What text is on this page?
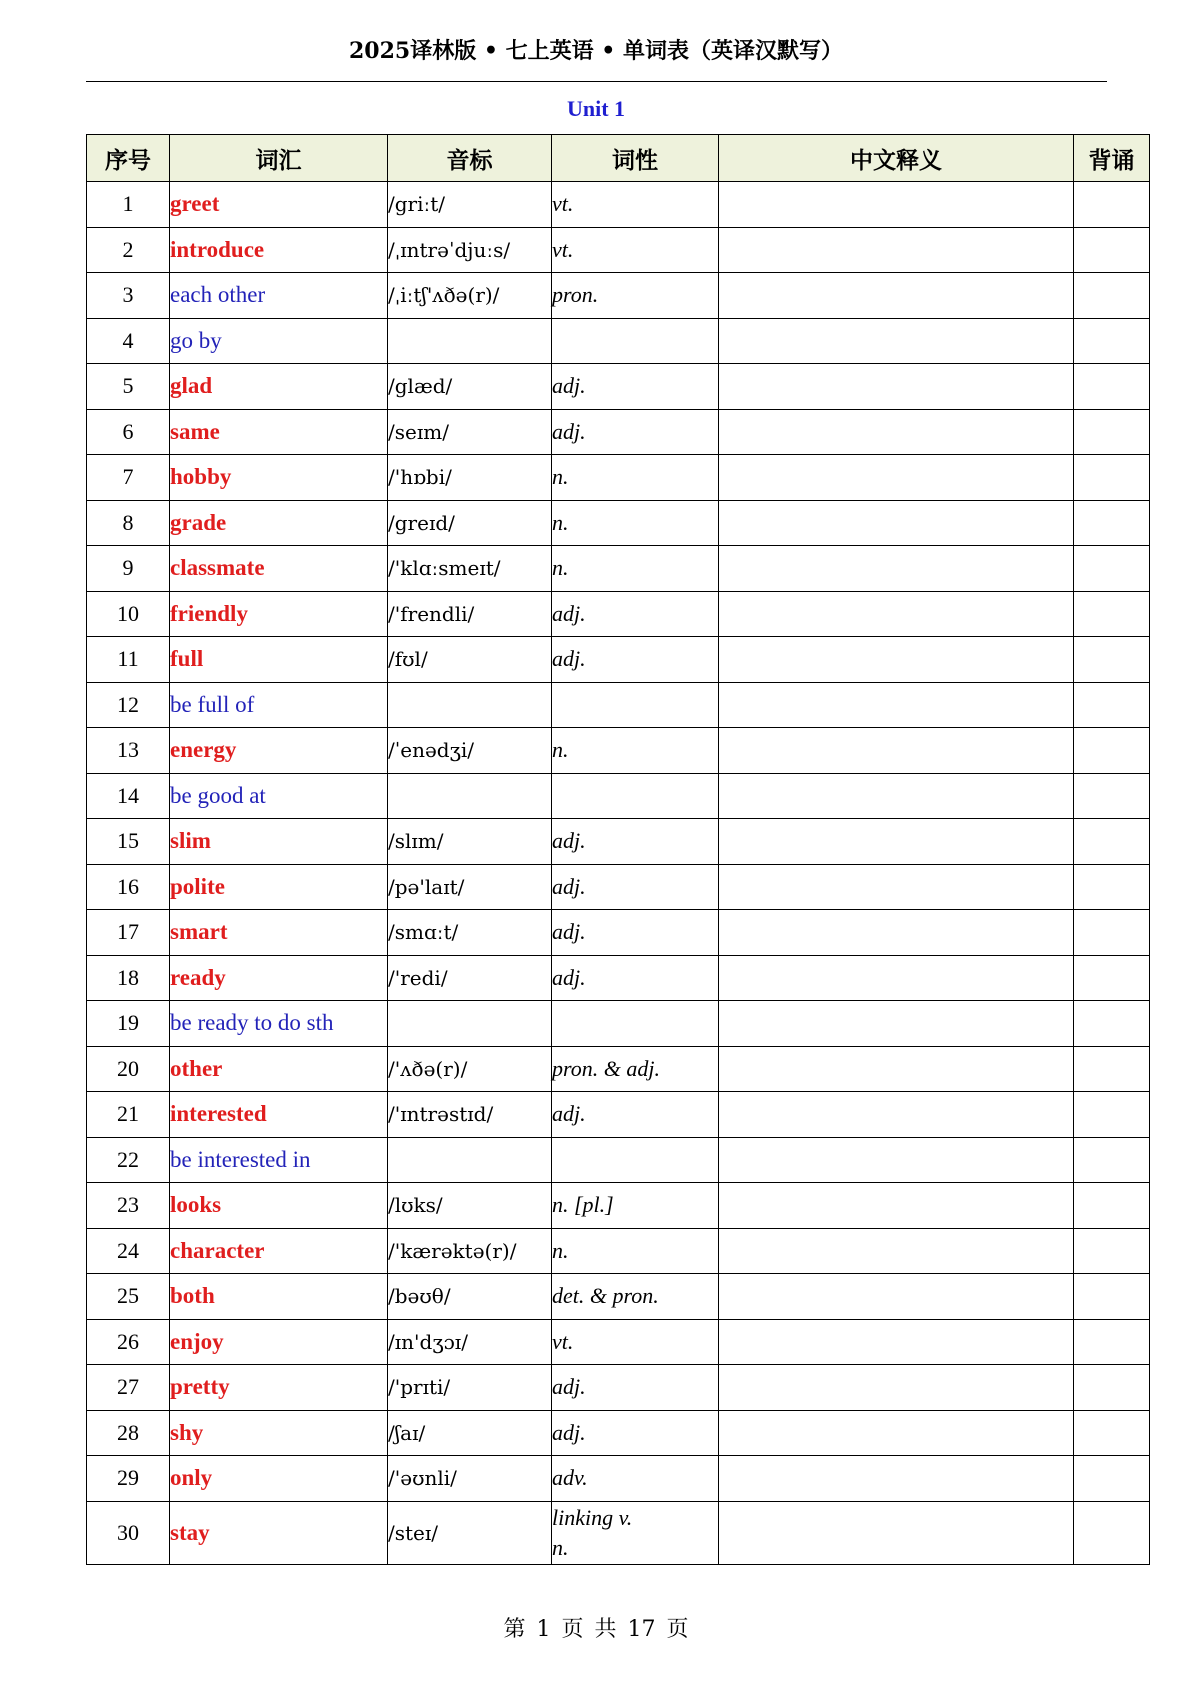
2025译林版 • 七上英语 • 单词表（英译汉默写）
Unit 1
序号	词汇	音标	词性	中文释义	背诵
1	greet	/griːt/	vt.		

2	introduce	/ˌɪntrəˈdjuːs/	vt.		

3	each other	/ˌiːtʃ'ʌðə(r)/	pron.		

4	go by		

5	glad	/glæd/	adj.		

6	same	/seɪm/	adj.		

7	hobby	/'hɒbi/	n.		

8	grade	/greɪd/	n.		

9	classmate	/'klɑːsmeɪt/	n.		

10	friendly	/'frendli/	adj.		

11	full	/fʊl/	adj.		

12	be full of		

13	energy	/ˈenədʒi/	n.		

14	be good at		

15	slim	/slɪm/	adj.		

16	polite	/pə'laɪt/	adj.		

17	smart	/smɑːt/	adj.		

18	ready	/'redi/	adj.		

19	be ready to do sth		

20	other	/'ʌðə(r)/	pron. & adj.		

21	interested	/'ɪntrəstɪd/	adj.		

22	be interested in		

23	looks	/lʊks/	n. [pl.]		

24	character	/'kærəktə(r)/	n.		

25	both	/bəʊθ/	det. & pron.		

26	enjoy	/ɪn'dʒɔɪ/	vt.		

27	pretty	/'prɪti/	adj.		

28	shy	/ʃaɪ/	adj.		

29	only	/'əʊnli/	adv.		

30	stay	/steɪ/	linking v.
n.		

第 1 页 共 17 页
